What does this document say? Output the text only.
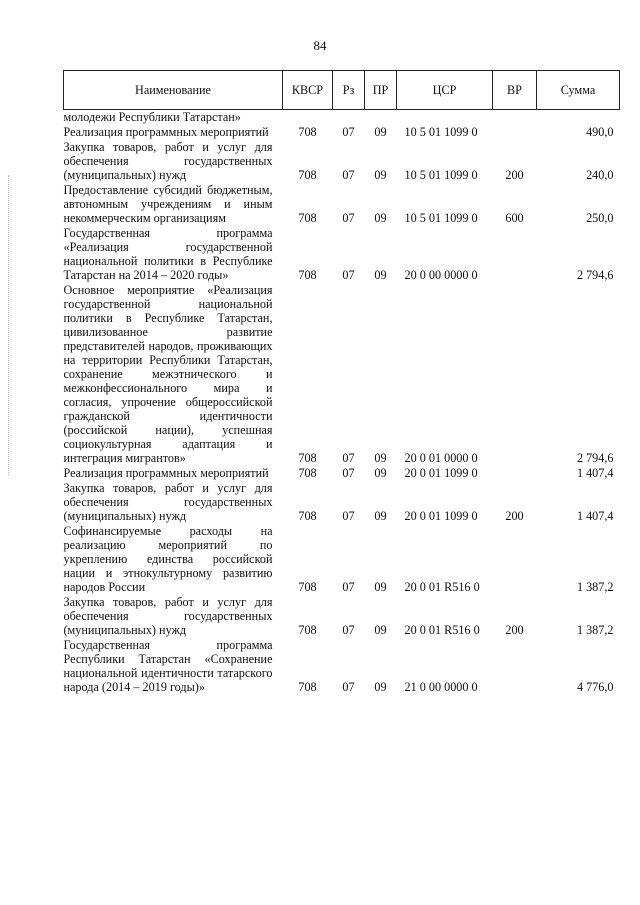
84
Наименование	КВСР	Рз	ПР	ЦСР	ВР	Сумма
молодежи Республики Татарстан»						
Реализация программных мероприятий	708	07	09	10 5 01 1099 0		490,0
Закупка товаров, работ и услуг для обеспечения государственных (муниципальных) нужд	708	07	09	10 5 01 1099 0	200	240,0
Предоставление субсидий бюджетным, автономным учреждениям и иным некоммерческим организациям	708	07	09	10 5 01 1099 0	600	250,0
Государственная программа «Реализация государственной национальной политики в Республике Татарстан на 2014 – 2020 годы»	708	07	09	20 0 00 0000 0		2 794,6
Основное мероприятие «Реализация государственной национальной политики в Республике Татарстан, цивилизованное развитие представителей народов, проживающих на территории Республики Татарстан, сохранение межэтнического и межконфессионального мира и согласия, упрочение общероссийской гражданской идентичности (российской нации), успешная социокультурная адаптация и интеграция мигрантов»	708	07	09	20 0 01 0000 0		2 794,6
Реализация программных мероприятий	708	07	09	20 0 01 1099 0		1 407,4
Закупка товаров, работ и услуг для обеспечения государственных (муниципальных) нужд	708	07	09	20 0 01 1099 0	200	1 407,4
Софинансируемые расходы на реализацию мероприятий по укреплению единства российской нации и этнокультурному развитию народов России	708	07	09	20 0 01 R516 0		1 387,2
Закупка товаров, работ и услуг для обеспечения государственных (муниципальных) нужд	708	07	09	20 0 01 R516 0	200	1 387,2
Государственная программа Республики Татарстан «Сохранение национальной идентичности татарского народа (2014 – 2019 годы)»	708	07	09	21 0 00 0000 0		4 776,0
